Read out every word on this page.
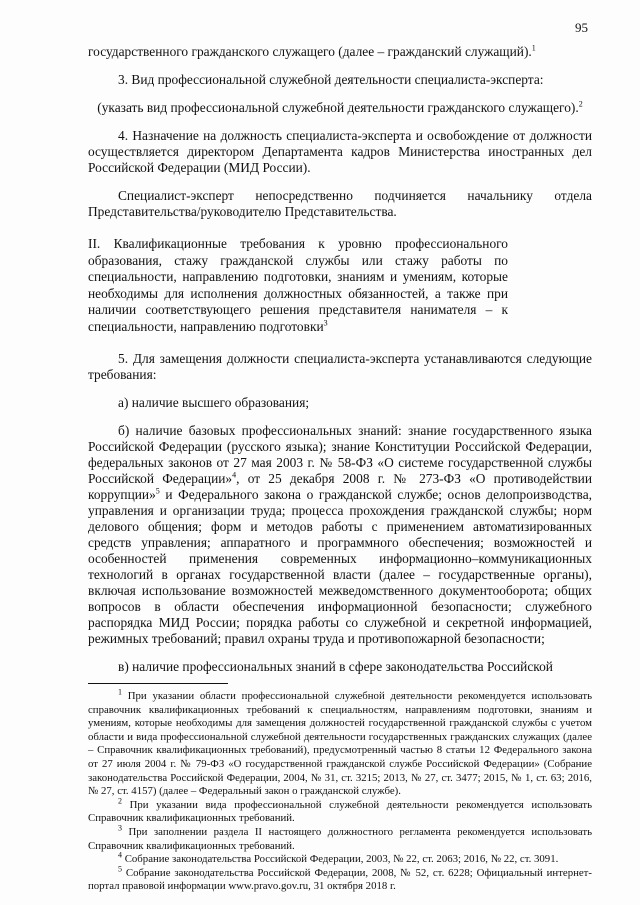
95

государственного гражданского служащего (далее – гражданский служащий).$^1$

3. Вид профессиональной служебной деятельности специалиста-эксперта:

(указать вид профессиональной служебной деятельности гражданского служащего).$^2$

4. Назначение на должность специалиста-эксперта и освобождение от должности осуществляется директором Департамента кадров Министерства иностранных дел Российской Федерации (МИД России).

Специалист-эксперт непосредственно подчиняется начальнику отдела Представительства/руководителю Представительства.

II. Квалификационные требования к уровню профессионального образования, стажу гражданской службы или стажу работы по специальности, направлению подготовки, знаниям и умениям, которые необходимы для исполнения должностных обязанностей, а также при наличии соответствующего решения представителя нанимателя – к специальности, направлению подготовки$^3$

5. Для замещения должности специалиста-эксперта устанавливаются следующие требования:

а) наличие высшего образования;

б) наличие базовых профессиональных знаний: знание государственного языка Российской Федерации (русского языка); знание Конституции Российской Федерации, федеральных законов от 27 мая 2003 г. № 58-ФЗ «О системе государственной службы Российской Федерации»$^4$, от 25 декабря 2008 г. № 273-ФЗ «О противодействии коррупции»$^5$ и Федерального закона о гражданской службе; основ делопроизводства, управления и организации труда; процесса прохождения гражданской службы; норм делового общения; форм и методов работы с применением автоматизированных средств управления; аппаратного и программного обеспечения; возможностей и особенностей применения современных информационно–коммуникационных технологий в органах государственной власти (далее – государственные органы), включая использование возможностей межведомственного документооборота; общих вопросов в области обеспечения информационной безопасности; служебного распорядка МИД России; порядка работы со служебной и секретной информацией, режимных требований; правил охраны труда и противопожарной безопасности;

в) наличие профессиональных знаний в сфере законодательства Российской

$^1$ При указании области профессиональной служебной деятельности рекомендуется использовать справочник квалификационных требований к специальностям, направлениям подготовки, знаниям и умениям, которые необходимы для замещения должностей государственной гражданской службы с учетом области и вида профессиональной служебной деятельности государственных гражданских служащих (далее – Справочник квалификационных требований), предусмотренный частью 8 статьи 12 Федерального закона от 27 июля 2004 г. № 79-ФЗ «О государственной гражданской службе Российской Федерации» (Собрание законодательства Российской Федерации, 2004, № 31, ст. 3215; 2013, № 27, ст. 3477; 2015, № 1, ст. 63; 2016, № 27, ст. 4157) (далее – Федеральный закон о гражданской службе).

$^2$ При указании вида профессиональной служебной деятельности рекомендуется использовать Справочник квалификационных требований.

$^3$ При заполнении раздела II настоящего должностного регламента рекомендуется использовать Справочник квалификационных требований.

$^4$ Собрание законодательства Российской Федерации, 2003, № 22, ст. 2063; 2016, № 22, ст. 3091.

$^5$ Собрание законодательства Российской Федерации, 2008, № 52, ст. 6228; Официальный интернет-портал правовой информации www.pravo.gov.ru, 31 октября 2018 г.
